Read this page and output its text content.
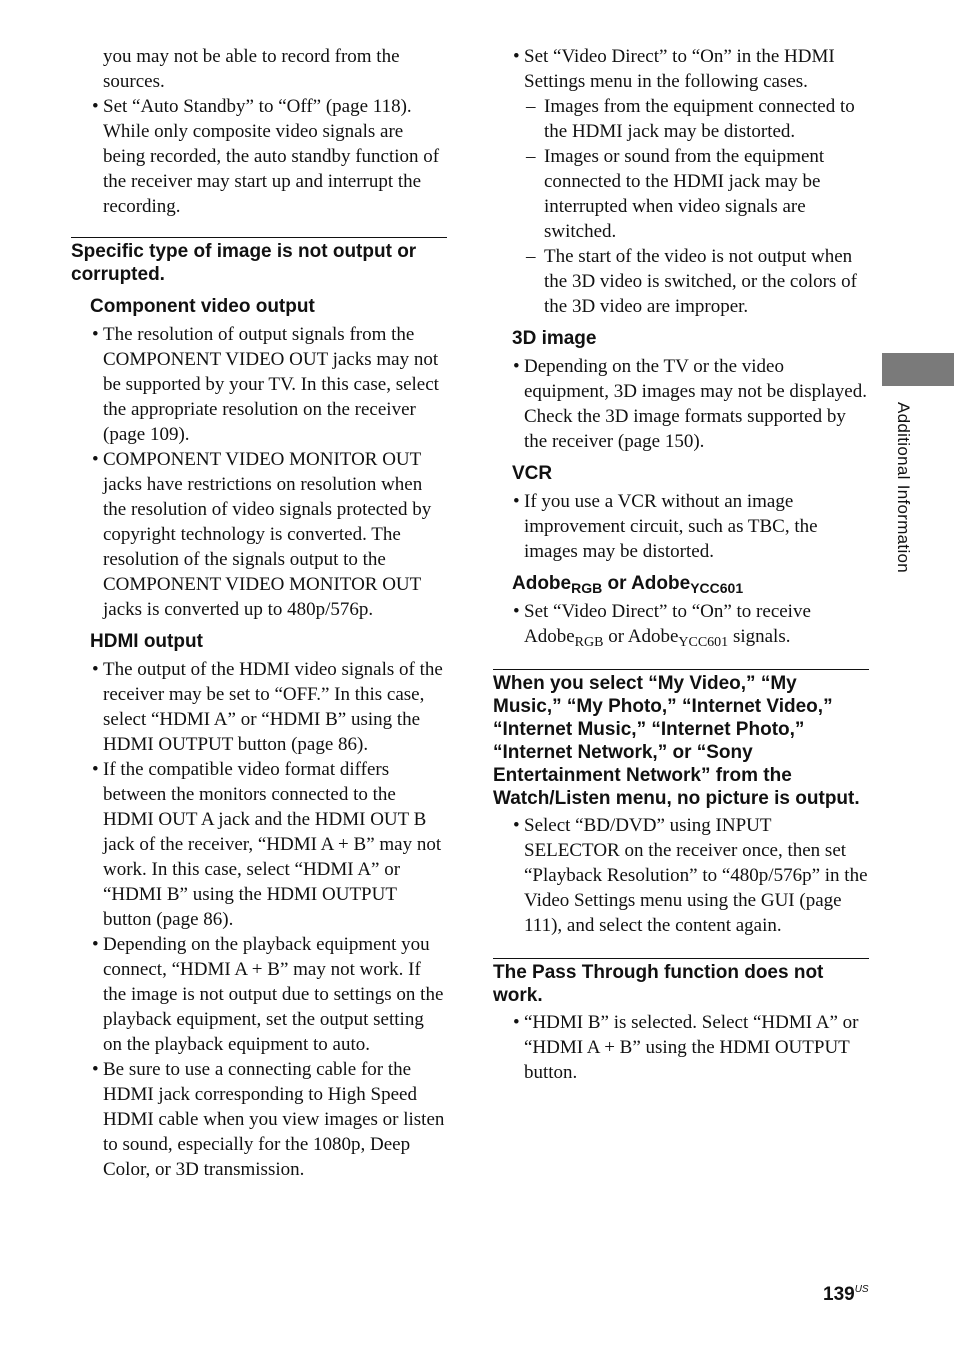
you may not be able to record from the sources.

• Set “Auto Standby” to “Off” (page 118). While only composite video signals are being recorded, the auto standby function of the receiver may start up and interrupt the recording.

Specific type of image is not output or corrupted.

Component video output

• The resolution of output signals from the COMPONENT VIDEO OUT jacks may not be supported by your TV. In this case, select the appropriate resolution on the receiver (page 109).

• COMPONENT VIDEO MONITOR OUT jacks have restrictions on resolution when the resolution of video signals protected by copyright technology is converted. The resolution of the signals output to the COMPONENT VIDEO MONITOR OUT jacks is converted up to 480p/576p.

HDMI output

• The output of the HDMI video signals of the receiver may be set to “OFF.” In this case, select “HDMI A” or “HDMI B” using the HDMI OUTPUT button (page 86).

• If the compatible video format differs between the monitors connected to the HDMI OUT A jack and the HDMI OUT B jack of the receiver, “HDMI A + B” may not work. In this case, select “HDMI A” or “HDMI B” using the HDMI OUTPUT button (page 86).

• Depending on the playback equipment you connect, “HDMI A + B” may not work. If the image is not output due to settings on the playback equipment, set the output setting on the playback equipment to auto.

• Be sure to use a connecting cable for the HDMI jack corresponding to High Speed HDMI cable when you view images or listen to sound, especially for the 1080p, Deep Color, or 3D transmission.

• Set “Video Direct” to “On” in the HDMI Settings menu in the following cases.

– Images from the equipment connected to the HDMI jack may be distorted.

– Images or sound from the equipment connected to the HDMI jack may be interrupted when video signals are switched.

– The start of the video is not output when the 3D video is switched, or the colors of the 3D video are improper.

3D image

• Depending on the TV or the video equipment, 3D images may not be displayed. Check the 3D image formats supported by the receiver (page 150).

VCR

• If you use a VCR without an image improvement circuit, such as TBC, the images may be distorted.

Adobe$_{RGB}$ or Adobe$_{YCC601}$

• Set “Video Direct” to “On” to receive Adobe$_{RGB}$ or Adobe$_{YCC601}$ signals.

When you select “My Video,” “My Music,” “My Photo,” “Internet Video,” “Internet Music,” “Internet Photo,” “Internet Network,” or “Sony Entertainment Network” from the Watch/Listen menu, no picture is output.

• Select “BD/DVD” using INPUT SELECTOR on the receiver once, then set “Playback Resolution” to “480p/576p” in the Video Settings menu using the GUI (page 111), and select the content again.

The Pass Through function does not work.

• “HDMI B” is selected. Select “HDMI A” or “HDMI A + B” using the HDMI OUTPUT button.

Additional Information
$139^{US}$
